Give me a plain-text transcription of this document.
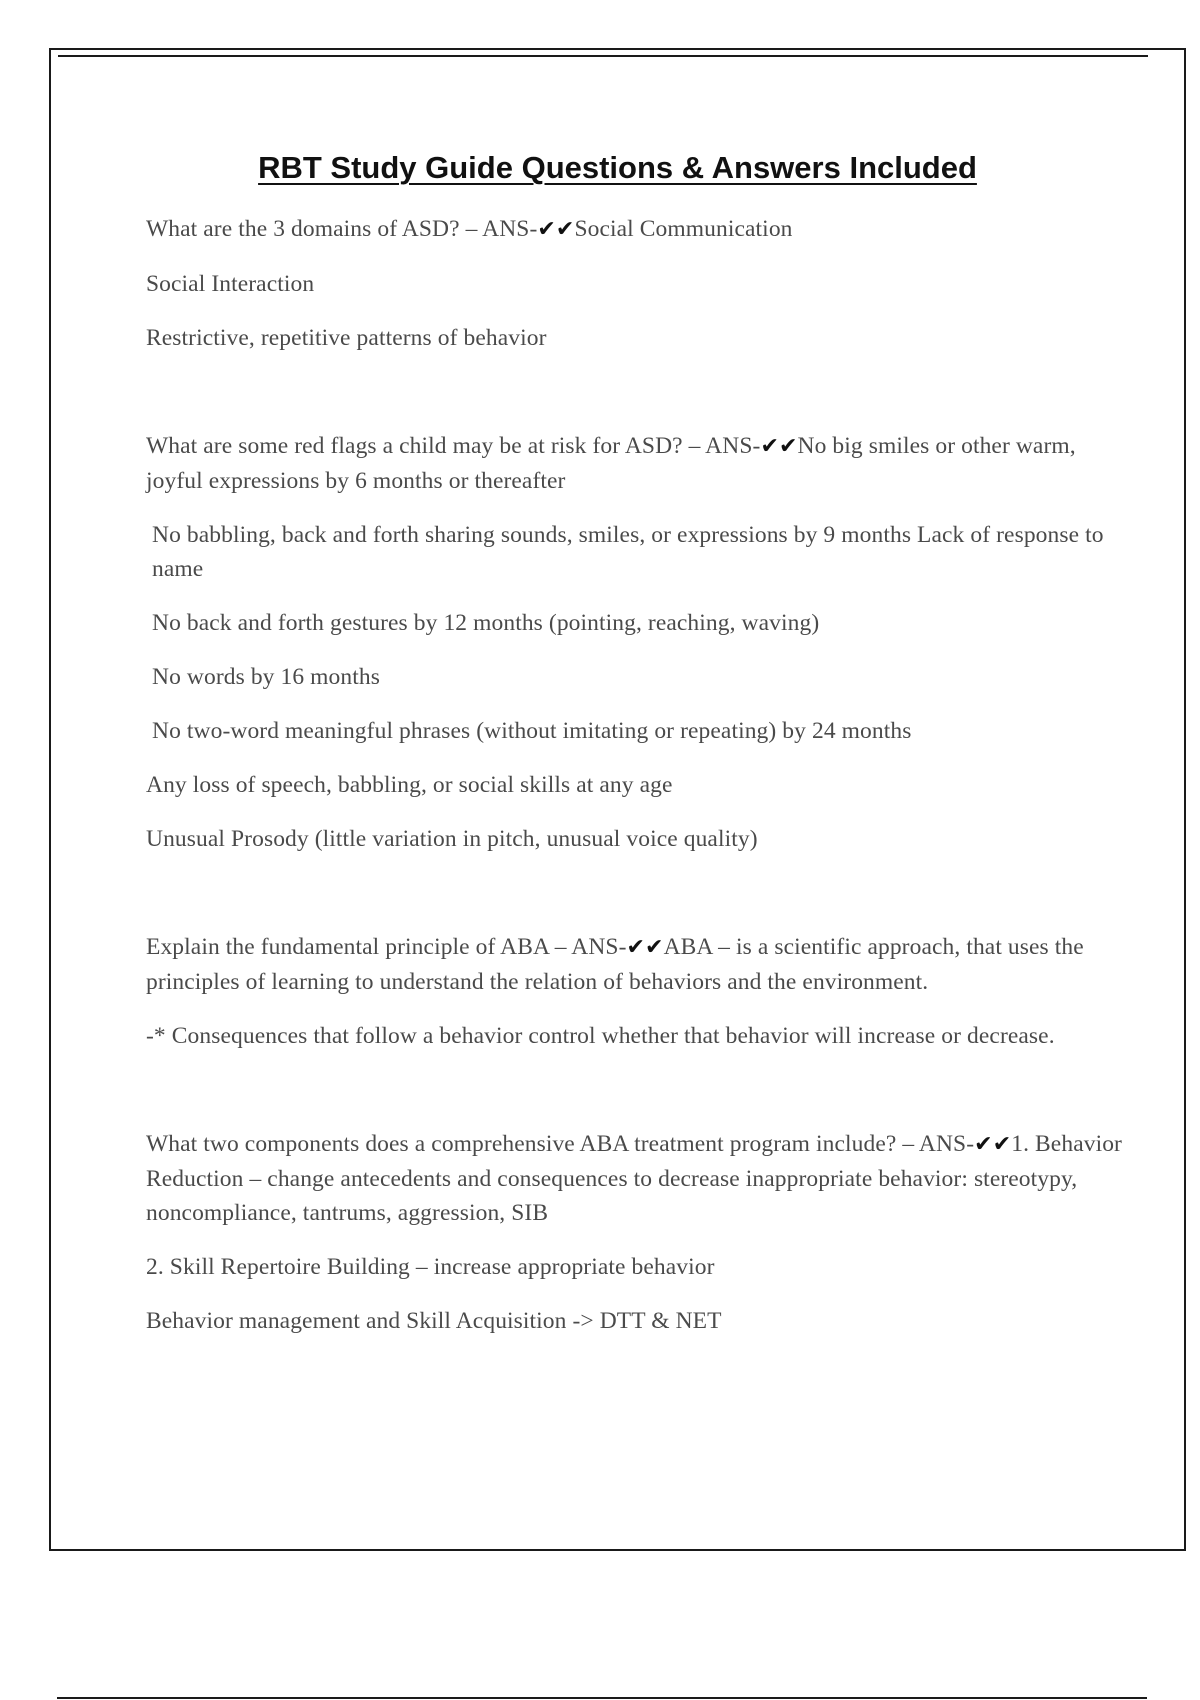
RBT Study Guide Questions & Answers Included

What are the 3 domains of ASD? – ANS-✔✔Social Communication

Social Interaction

Restrictive, repetitive patterns of behavior

What are some red flags a child may be at risk for ASD? – ANS-✔✔No big smiles or other warm, joyful expressions by 6 months or thereafter

No babbling, back and forth sharing sounds, smiles, or expressions by 9 months Lack of response to name

No back and forth gestures by 12 months (pointing, reaching, waving)

No words by 16 months

No two-word meaningful phrases (without imitating or repeating) by 24 months

Any loss of speech, babbling, or social skills at any age

Unusual Prosody (little variation in pitch, unusual voice quality)

Explain the fundamental principle of ABA – ANS-✔✔ABA – is a scientific approach, that uses the principles of learning to understand the relation of behaviors and the environment.

-* Consequences that follow a behavior control whether that behavior will increase or decrease.

What two components does a comprehensive ABA treatment program include? – ANS-✔✔1. Behavior Reduction – change antecedents and consequences to decrease inappropriate behavior: stereotypy, noncompliance, tantrums, aggression, SIB

2. Skill Repertoire Building – increase appropriate behavior

Behavior management and Skill Acquisition -> DTT & NET
